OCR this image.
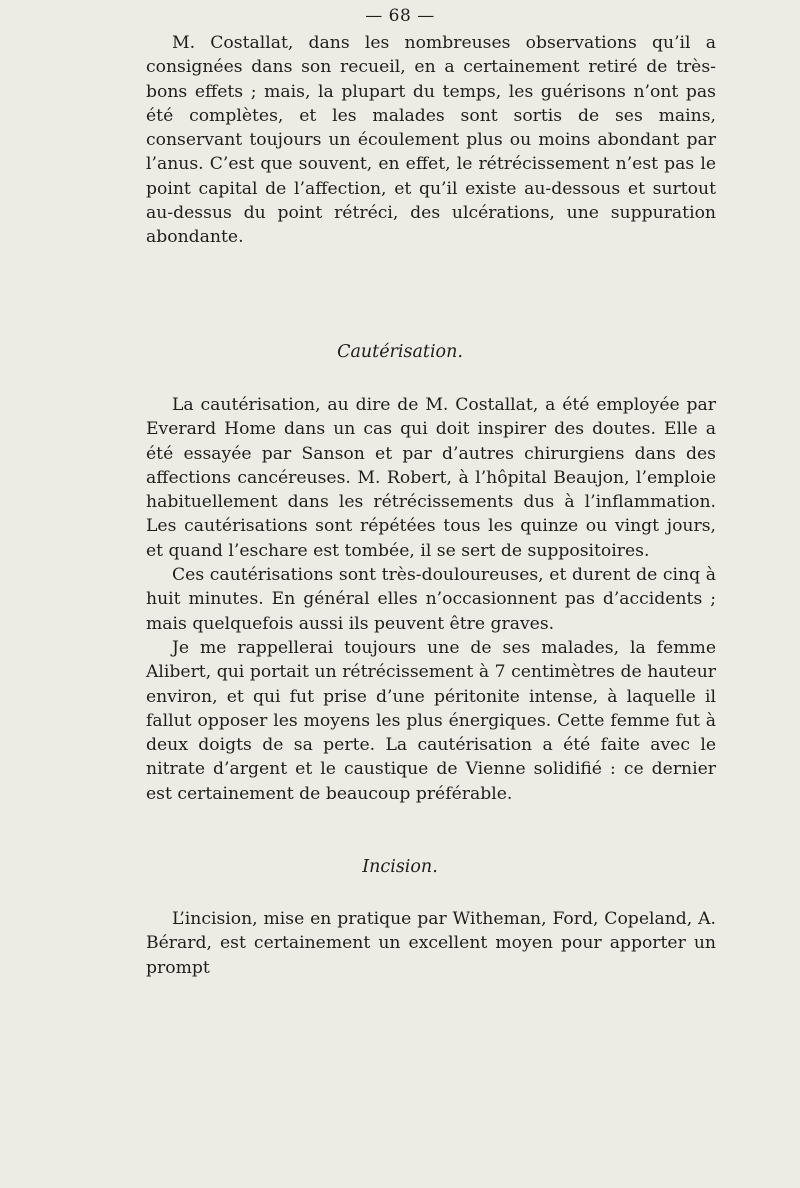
— 68 —

M. Costallat, dans les nombreuses observations qu’il a consignées dans son recueil, en a certainement retiré de très-bons effets ; mais, la plupart du temps, les guérisons n’ont pas été complètes, et les malades sont sortis de ses mains, conservant toujours un écoulement plus ou moins abondant par l’anus. C’est que souvent, en effet, le rétrécissement n’est pas le point capital de l’affection, et qu’il existe au-dessous et surtout au-dessus du point rétréci, des ulcérations, une suppuration abondante.

Cautérisation.

La cautérisation, au dire de M. Costallat, a été employée par Everard Home dans un cas qui doit inspirer des doutes. Elle a été essayée par Sanson et par d’autres chirurgiens dans des affections cancéreuses. M. Robert, à l’hôpital Beaujon, l’emploie habituellement dans les rétrécissements dus à l’inflammation. Les cautérisations sont répétées tous les quinze ou vingt jours, et quand l’eschare est tombée, il se sert de suppositoires.

Ces cautérisations sont très-douloureuses, et durent de cinq à huit minutes. En général elles n’occasionnent pas d’accidents ; mais quelquefois aussi ils peuvent être graves.

Je me rappellerai toujours une de ses malades, la femme Alibert, qui portait un rétrécissement à 7 centimètres de hauteur environ, et qui fut prise d’une péritonite intense, à laquelle il fallut opposer les moyens les plus énergiques. Cette femme fut à deux doigts de sa perte. La cautérisation a été faite avec le nitrate d’argent et le caustique de Vienne solidifié : ce dernier est certainement de beaucoup préférable.

Incision.

L’incision, mise en pratique par Witheman, Ford, Copeland, A. Bérard, est certainement un excellent moyen pour apporter un prompt
